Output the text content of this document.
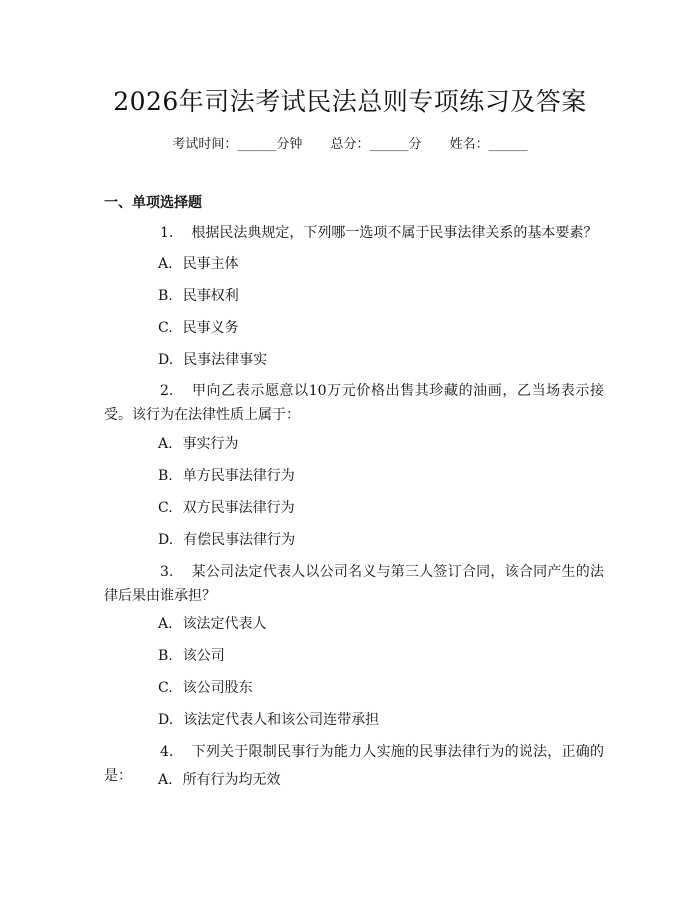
2026年司法考试民法总则专项练习及答案
考试时间：______分钟 总分：______分 姓名：______
一、单项选择题
1. 根据民法典规定，下列哪一选项不属于民事法律关系的基本要素？
A. 民事主体
B. 民事权利
C. 民事义务
D. 民事法律事实
2. 甲向乙表示愿意以10万元价格出售其珍藏的油画，乙当场表示接受。该行为在法律性质上属于：
A. 事实行为
B. 单方民事法律行为
C. 双方民事法律行为
D. 有偿民事法律行为
3. 某公司法定代表人以公司名义与第三人签订合同，该合同产生的法律后果由谁承担？
A. 该法定代表人
B. 该公司
C. 该公司股东
D. 该法定代表人和该公司连带承担
4. 下列关于限制民事行为能力人实施的民事法律行为的说法，正确的是：	A. 所有行为均无效
